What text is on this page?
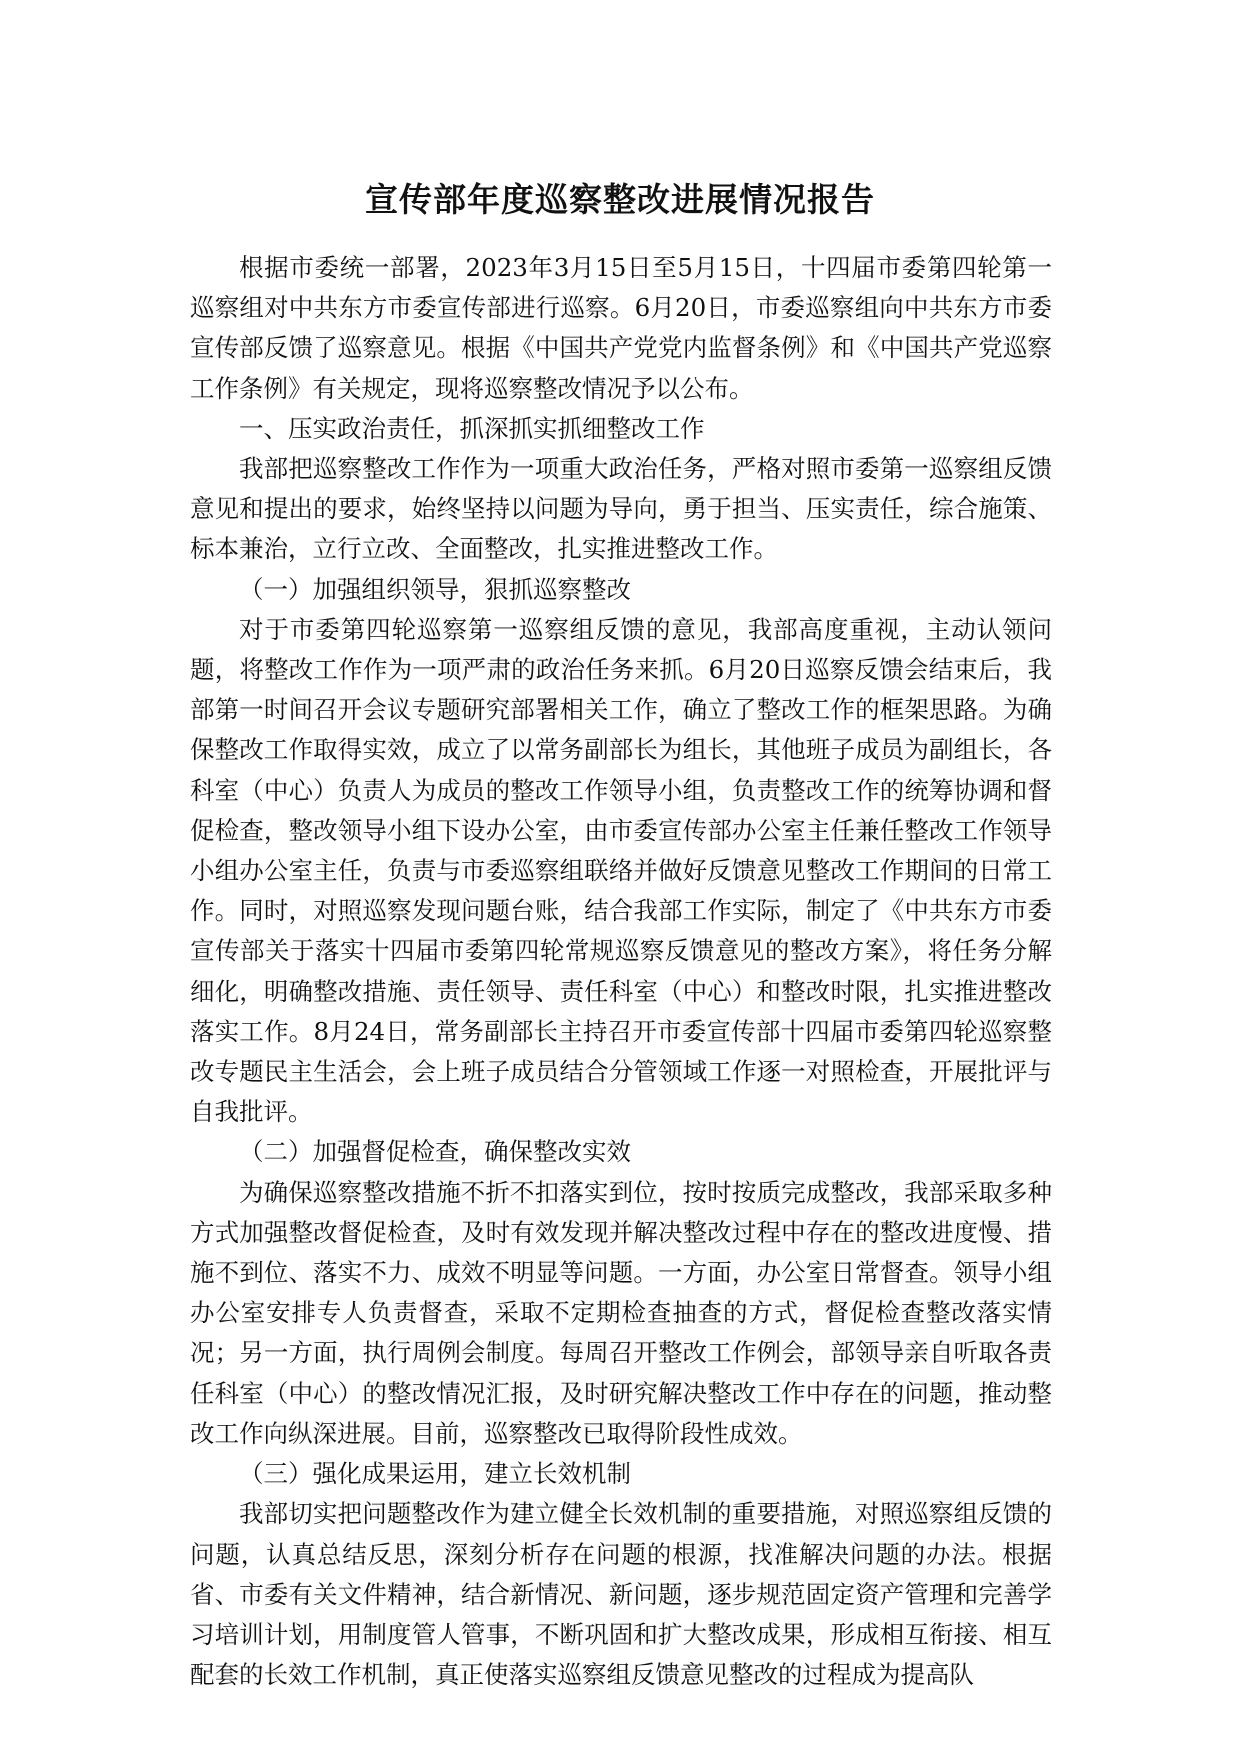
宣传部年度巡察整改进展情况报告

根据市委统一部署，2023年3月15日至5月15日，十四届市委第四轮第一巡察组对中共东方市委宣传部进行巡察。6月20日，市委巡察组向中共东方市委宣传部反馈了巡察意见。根据《中国共产党党内监督条例》和《中国共产党巡察工作条例》有关规定，现将巡察整改情况予以公布。

一、压实政治责任，抓深抓实抓细整改工作

我部把巡察整改工作作为一项重大政治任务，严格对照市委第一巡察组反馈意见和提出的要求，始终坚持以问题为导向，勇于担当、压实责任，综合施策、标本兼治，立行立改、全面整改，扎实推进整改工作。

（一）加强组织领导，狠抓巡察整改

对于市委第四轮巡察第一巡察组反馈的意见，我部高度重视，主动认领问题，将整改工作作为一项严肃的政治任务来抓。6月20日巡察反馈会结束后，我部第一时间召开会议专题研究部署相关工作，确立了整改工作的框架思路。为确保整改工作取得实效，成立了以常务副部长为组长，其他班子成员为副组长，各科室（中心）负责人为成员的整改工作领导小组，负责整改工作的统筹协调和督促检查，整改领导小组下设办公室，由市委宣传部办公室主任兼任整改工作领导小组办公室主任，负责与市委巡察组联络并做好反馈意见整改工作期间的日常工作。同时，对照巡察发现问题台账，结合我部工作实际，制定了《中共东方市委宣传部关于落实十四届市委第四轮常规巡察反馈意见的整改方案》，将任务分解细化，明确整改措施、责任领导、责任科室（中心）和整改时限，扎实推进整改落实工作。8月24日，常务副部长主持召开市委宣传部十四届市委第四轮巡察整改专题民主生活会，会上班子成员结合分管领域工作逐一对照检查，开展批评与自我批评。

（二）加强督促检查，确保整改实效

为确保巡察整改措施不折不扣落实到位，按时按质完成整改，我部采取多种方式加强整改督促检查，及时有效发现并解决整改过程中存在的整改进度慢、措施不到位、落实不力、成效不明显等问题。一方面，办公室日常督查。领导小组办公室安排专人负责督查，采取不定期检查抽查的方式，督促检查整改落实情况；另一方面，执行周例会制度。每周召开整改工作例会，部领导亲自听取各责任科室（中心）的整改情况汇报，及时研究解决整改工作中存在的问题，推动整改工作向纵深进展。目前，巡察整改已取得阶段性成效。

（三）强化成果运用，建立长效机制

我部切实把问题整改作为建立健全长效机制的重要措施，对照巡察组反馈的问题，认真总结反思，深刻分析存在问题的根源，找准解决问题的办法。根据省、市委有关文件精神，结合新情况、新问题，逐步规范固定资产管理和完善学习培训计划，用制度管人管事，不断巩固和扩大整改成果，形成相互衔接、相互配套的长效工作机制，真正使落实巡察组反馈意见整改的过程成为提高队
